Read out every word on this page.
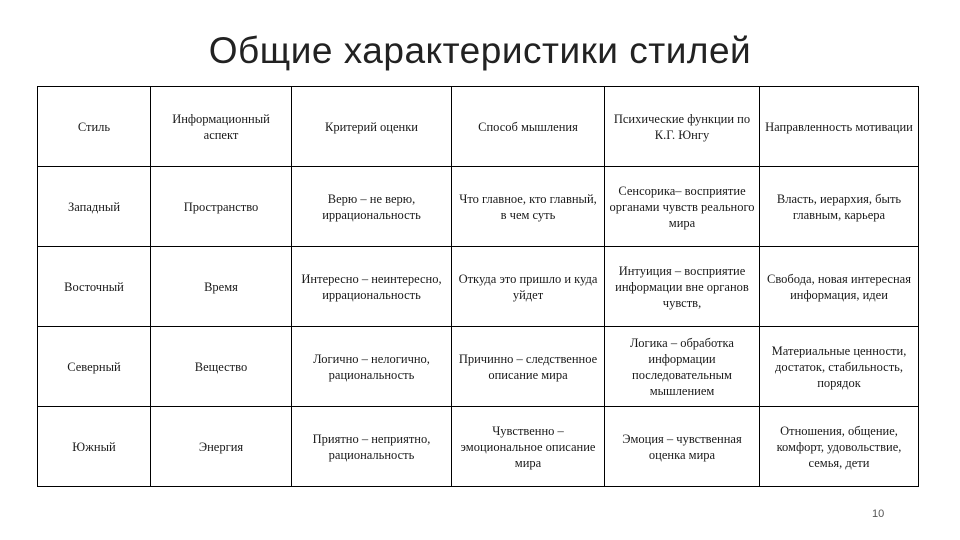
Общие характеристики стилей
Стиль	Информационный аспект	Критерий оценки	Способ мышления	Психические функции по К.Г. Юнгу	Направленность мотивации
Западный	Пространство	Верю – не верю, иррациональность	Что главное, кто главный, в чем суть	Сенсорика– восприятие органами чувств реального мира	Власть, иерархия, быть главным, карьера
Восточный	Время	Интересно – неинтересно, иррациональность	Откуда это пришло и куда уйдет	Интуиция – восприятие информации вне органов чувств,	Свобода, новая интересная информация, идеи
Северный	Вещество	Логично – нелогично, рациональность	Причинно – следственное описание мира	Логика – обработка информации последовательным мышлением	Материальные ценности, достаток, стабильность, порядок
Южный	Энергия	Приятно – неприятно, рациональность	Чувственно – эмоциональное описание мира	Эмоция – чувственная оценка мира	Отношения, общение, комфорт, удовольствие, семья, дети
10
